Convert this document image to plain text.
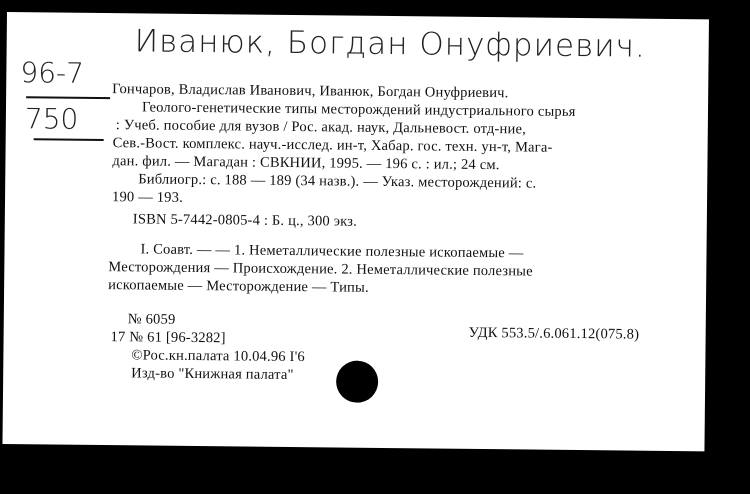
Иванюк, Богдан Онуфриевич.
96-7
750
Гончаров, Владислав Иванович, Иванюк, Богдан Онуфриевич.
Геолого-генетические типы месторождений индустриального сырья
: Учеб. пособие для вузов / Рос. акад. наук, Дальневост. отд-ние,
Сев.-Вост. комплекс. науч.-исслед. ин-т, Хабар. гос. техн. ун-т, Мага-
дан. фил. — Магадан : СВКНИИ, 1995. — 196 с. : ил.; 24 см.
Библиогр.: с. 188 — 189 (34 назв.). — Указ. месторождений: с.
190 — 193.
ISBN 5-7442-0805-4 : Б. ц., 300 экз.
I. Соавт. — — 1. Неметаллические полезные ископаемые —
Месторождения — Происхождение. 2. Неметаллические полезные
ископаемые — Месторождение — Типы.
№ 6059
УДК 553.5/.6.061.12(075.8)
17 № 61 [96-3282]
©Рос.кн.палата 10.04.96 I'6
Изд-во "Книжная палата"
